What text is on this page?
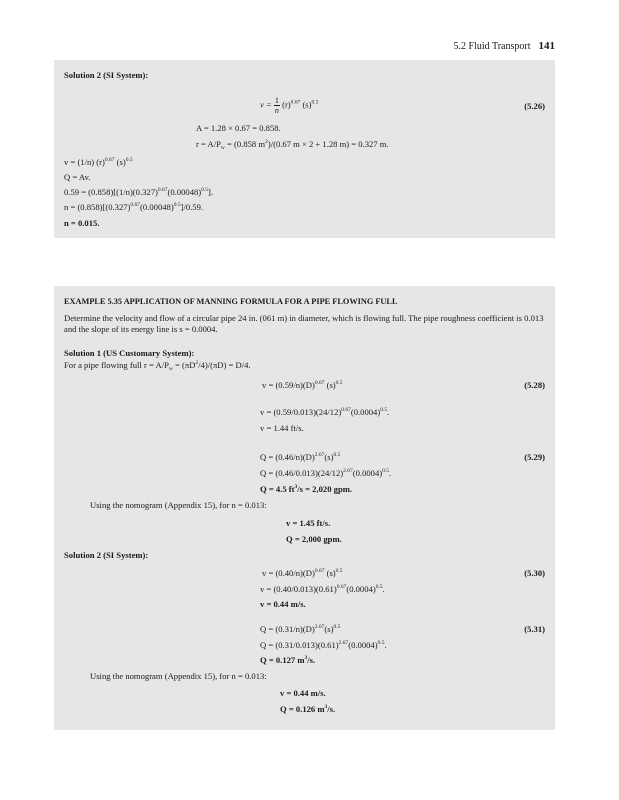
5.2 Fluid Transport 141
Solution 2 (SI System):
$v = \frac{1}{n} (r)^{0.67}$ $(s)^{0.5}$	(5.26)
A = 1.28 × 0.67 = 0.858.
$r = A/P_w = (0.858$ $m^2)/(0.67$ m × 2 + 1.28 m) = 0.327 m.
v = (1/n) $(r)^{0.67}$ $(s)^{0.5}$
Q = Av.
$0.59 = (0.858)[(1/n)(0.327)^{0.67}(0.00048)^{0.5}]$.
$n = (0.858)[(0.327)^{0.67}(0.00048)^{0.5}]/0.59$.
n = 0.015.
EXAMPLE 5.35 APPLICATION OF MANNING FORMULA FOR A PIPE FLOWING FULL
Determine the velocity and flow of a circular pipe 24 in. (061 m) in diameter, which is flowing full. The pipe roughness coefficient is 0.013 and the slope of its energy line is s = 0.0004.
Solution 1 (US Customary System):
For a pipe flowing full $r = A/P_w = (\pi D^2/4)/(\pi D) = D/4$.
$v = (0.59/n)(D)^{0.67}$ $(s)^{0.5}$	(5.28)
$v = (0.59/0.013)(24/12)^{0.67}(0.0004)^{0.5}$.
v = 1.44 ft/s.
$Q = (0.46/n)(D)^{2.67}(s)^{0.5}$	(5.29)
$Q = (0.46/0.013)(24/12)^{2.67}(0.0004)^{0.5}$.
Q = 4.5 $ft^3/s = 2,020$ gpm.
Using the nomogram (Appendix 15), for n = 0.013:
v = 1.45 ft/s.
Q = 2,000 gpm.
Solution 2 (SI System):
$v = (0.40/n)(D)^{0.67}$ $(s)^{0.5}$	(5.30)
$v = (0.40/0.013)(0.61)^{0.67}(0.0004)^{0.5}$.
v = 0.44 m/s.
$Q = (0.31/n)(D)^{2.67}(s)^{0.5}$	(5.31)
$Q = (0.31/0.013)(0.61)^{2.67}(0.0004)^{0.5}$.
Q = 0.127 $m^3/s$.
Using the nomogram (Appendix 15), for n = 0.013:
v = 0.44 m/s.
Q = 0.126 $m^3/s$.
